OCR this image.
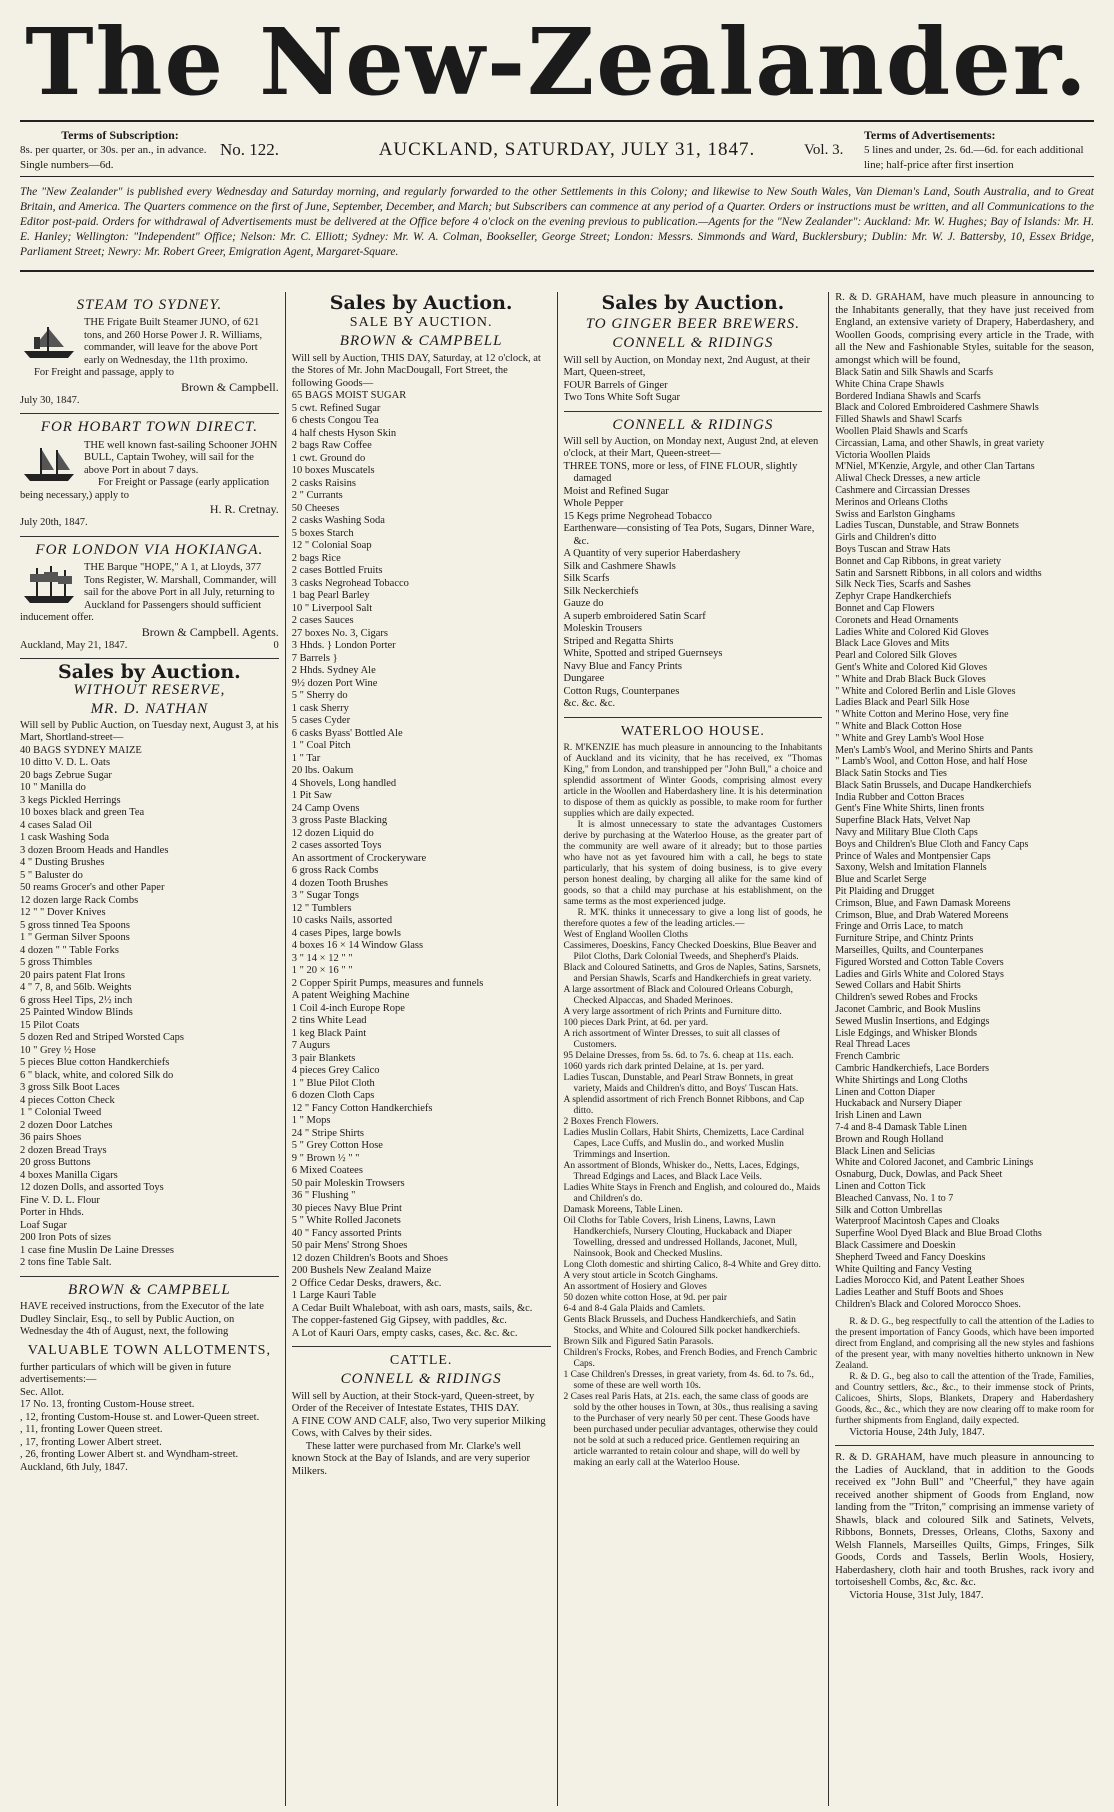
The New-Zealander.
Terms of Subscription:
8s. per quarter, or 30s. per an., in advance.
Single numbers—6d.
No. 122.	AUCKLAND, SATURDAY, JULY 31, 1847.	Vol. 3.
Terms of Advertisements:
5 lines and under, 2s. 6d.—6d. for each additional line; half-price after first insertion
The "New Zealander" is published every Wednesday and Saturday morning, and regularly forwarded to the other Settlements in this Colony; and likewise to New South Wales, Van Dieman's Land, South Australia, and to Great Britain, and America. The Quarters commence on the first of June, September, December, and March; but Subscribers can commence at any period of a Quarter. Orders or instructions must be written, and all Communications to the Editor post-paid. Orders for withdrawal of Advertisements must be delivered at the Office before 4 o'clock on the evening previous to publication.—Agents for the "New Zealander": Auckland: Mr. W. Hughes; Bay of Islands: Mr. H. E. Hanley; Wellington: "Independent" Office; Nelson: Mr. C. Elliott; Sydney: Mr. W. A. Colman, Bookseller, George Street; London: Messrs. Simmonds and Ward, Bucklersbury; Dublin: Mr. W. J. Battersby, 10, Essex Bridge, Parliament Street; Newry: Mr. Robert Greer, Emigration Agent, Margaret-Square.
STEAM TO SYDNEY.

THE Frigate Built Steamer JUNO, of 621 tons, and 260 Horse Power J. R. Williams, commander, will leave for the above Port early on Wednesday, the 11th proximo.

For Freight and passage, apply to

Brown & Campbell.

July 30, 1847.

FOR HOBART TOWN DIRECT.

THE well known fast-sailing Schooner JOHN BULL, Captain Twohey, will sail for the above Port in about 7 days.

For Freight or Passage (early application being necessary,) apply to

H. R. Cretnay.

July 20th, 1847.

FOR LONDON VIA HOKIANGA.

THE Barque "HOPE," A 1, at Lloyds, 377 Tons Register, W. Marshall, Commander, will sail for the above Port in all July, returning to Auckland for Passengers should sufficient inducement offer.

Brown & Campbell. Agents.

Auckland, May 21, 1847.	0

Sales by Auction.
WITHOUT RESERVE,
MR. D. NATHAN

Will sell by Public Auction, on Tuesday next, August 3, at his Mart, Shortland-street—

40 BAGS SYDNEY MAIZE
10 ditto V. D. L. Oats
20 bags Zebrue Sugar
10 " Manilla do
3 kegs Pickled Herrings
10 boxes black and green Tea
4 cases Salad Oil
1 cask Washing Soda
3 dozen Broom Heads and Handles
4 " Dusting Brushes
5 " Baluster do
50 reams Grocer's and other Paper
12 dozen large Rack Combs
12 " " Dover Knives
5 gross tinned Tea Spoons
1 " German Silver Spoons
4 dozen " " Table Forks
5 gross Thimbles
20 pairs patent Flat Irons
4 " 7, 8, and 56lb. Weights
6 gross Heel Tips, 2½ inch
25 Painted Window Blinds
15 Pilot Coats
5 dozen Red and Striped Worsted Caps
10 " Grey ½ Hose
5 pieces Blue cotton Handkerchiefs
6 " black, white, and colored Silk do
3 gross Silk Boot Laces
4 pieces Cotton Check
1 " Colonial Tweed
2 dozen Door Latches
36 pairs Shoes
2 dozen Bread Trays
20 gross Buttons
4 boxes Manilla Cigars
12 dozen Dolls, and assorted Toys
Fine V. D. L. Flour
Porter in Hhds.
Loaf Sugar
200 Iron Pots of sizes
1 case fine Muslin De Laine Dresses
2 tons fine Table Salt.
BROWN & CAMPBELL

HAVE received instructions, from the Executor of the late Dudley Sinclair, Esq., to sell by Public Auction, on Wednesday the 4th of August, next, the following

VALUABLE TOWN ALLOTMENTS,

further particulars of which will be given in future advertisements:—

Sec. Allot.
17 No. 13, fronting Custom-House street.
, 12, fronting Custom-House st. and Lower-Queen street.
, 11, fronting Lower Queen street.
, 17, fronting Lower Albert street.
, 26, fronting Lower Albert st. and Wyndham-street.

Auckland, 6th July, 1847.

Sales by Auction.
SALE BY AUCTION.
BROWN & CAMPBELL

Will sell by Auction, THIS DAY, Saturday, at 12 o'clock, at the Stores of Mr. John MacDougall, Fort Street, the following Goods—

65 BAGS MOIST SUGAR
5 cwt. Refined Sugar
6 chests Congou Tea
4 half chests Hyson Skin
2 bags Raw Coffee
1 cwt. Ground do
10 boxes Muscatels
2 casks Raisins
2 " Currants
50 Cheeses
2 casks Washing Soda
5 boxes Starch
12 " Colonial Soap
2 bags Rice
2 cases Bottled Fruits
3 casks Negrohead Tobacco
1 bag Pearl Barley
10 " Liverpool Salt
2 cases Sauces
27 boxes No. 3, Cigars
3 Hhds. } London Porter
7 Barrels }
2 Hhds. Sydney Ale
9½ dozen Port Wine
5 " Sherry do
1 cask Sherry
5 cases Cyder
6 casks Byass' Bottled Ale
1 " Coal Pitch
1 " Tar
20 lbs. Oakum
4 Shovels, Long handled
1 Pit Saw
24 Camp Ovens
3 gross Paste Blacking
12 dozen Liquid do
2 cases assorted Toys
An assortment of Crockeryware
6 gross Rack Combs
4 dozen Tooth Brushes
3 " Sugar Tongs
12 " Tumblers
10 casks Nails, assorted
4 cases Pipes, large bowls
4 boxes 16 × 14 Window Glass
3 " 14 × 12 " "
1 " 20 × 16 " "
2 Copper Spirit Pumps, measures and funnels
A patent Weighing Machine
1 Coil 4-inch Europe Rope
2 tins White Lead
1 keg Black Paint
7 Augurs
3 pair Blankets
4 pieces Grey Calico
1 " Blue Pilot Cloth
6 dozen Cloth Caps
12 " Fancy Cotton Handkerchiefs
1 " Mops
24 " Stripe Shirts
5 " Grey Cotton Hose
9 " Brown ½ " "
6 Mixed Coatees
50 pair Moleskin Trowsers
36 " Flushing "
30 pieces Navy Blue Print
5 " White Rolled Jaconets
40 " Fancy assorted Prints
50 pair Mens' Strong Shoes
12 dozen Children's Boots and Shoes
200 Bushels New Zealand Maize
2 Office Cedar Desks, drawers, &c.
1 Large Kauri Table
A Cedar Built Whaleboat, with ash oars, masts, sails, &c.
The copper-fastened Gig Gipsey, with paddles, &c.
A Lot of Kauri Oars, empty casks, cases, &c. &c. &c.
CATTLE.
CONNELL & RIDINGS

Will sell by Auction, at their Stock-yard, Queen-street, by Order of the Receiver of Intestate Estates, THIS DAY.

A FINE COW AND CALF, also, Two very superior Milking Cows, with Calves by their sides.

These latter were purchased from Mr. Clarke's well known Stock at the Bay of Islands, and are very superior Milkers.

Sales by Auction.
TO GINGER BEER BREWERS.
CONNELL & RIDINGS

Will sell by Auction, on Monday next, 2nd August, at their Mart, Queen-street,

FOUR Barrels of Ginger
Two Tons White Soft Sugar
CONNELL & RIDINGS

Will sell by Auction, on Monday next, August 2nd, at eleven o'clock, at their Mart, Queen-street—

THREE TONS, more or less, of FINE FLOUR, slightly damaged
Moist and Refined Sugar
Whole Pepper
15 Kegs prime Negrohead Tobacco
Earthenware—consisting of Tea Pots, Sugars, Dinner Ware, &c.
A Quantity of very superior Haberdashery
Silk and Cashmere Shawls
Silk Scarfs
Silk Neckerchiefs
Gauze do
A superb embroidered Satin Scarf
Moleskin Trousers
Striped and Regatta Shirts
White, Spotted and striped Guernseys
Navy Blue and Fancy Prints
Dungaree
Cotton Rugs, Counterpanes
&c. &c. &c.
WATERLOO HOUSE.

R. M'KENZIE has much pleasure in announcing to the Inhabitants of Auckland and its vicinity, that he has received, ex "Thomas King," from London, and transhipped per "John Bull," a choice and splendid assortment of Winter Goods, comprising almost every article in the Woollen and Haberdashery line. It is his determination to dispose of them as quickly as possible, to make room for further supplies which are daily expected.

It is almost unnecessary to state the advantages Customers derive by purchasing at the Waterloo House, as the greater part of the community are well aware of it already; but to those parties who have not as yet favoured him with a call, he begs to state particularly, that his system of doing business, is to give every person honest dealing, by charging all alike for the same kind of goods, so that a child may purchase at his establishment, on the same terms as the most experienced judge.

R. M'K. thinks it unnecessary to give a long list of goods, he therefore quotes a few of the leading articles.—

West of England Woollen Cloths
Cassimeres, Doeskins, Fancy Checked Doeskins, Blue Beaver and Pilot Cloths, Dark Colonial Tweeds, and Shepherd's Plaids.
Black and Coloured Satinetts, and Gros de Naples, Satins, Sarsnets, and Persian Shawls, Scarfs and Handkerchiefs in great variety.
A large assortment of Black and Coloured Orleans Coburgh, Checked Alpaccas, and Shaded Merinoes.
A very large assortment of rich Prints and Furniture ditto.
100 pieces Dark Print, at 6d. per yard.
A rich assortment of Winter Dresses, to suit all classes of Customers.
95 Delaine Dresses, from 5s. 6d. to 7s. 6. cheap at 11s. each.
1060 yards rich dark printed Delaine, at 1s. per yard.
Ladies Tuscan, Dunstable, and Pearl Straw Bonnets, in great variety, Maids and Children's ditto, and Boys' Tuscan Hats.
A splendid assortment of rich French Bonnet Ribbons, and Cap ditto.
2 Boxes French Flowers.
Ladies Muslin Collars, Habit Shirts, Chemizetts, Lace Cardinal Capes, Lace Cuffs, and Muslin do., and worked Muslin Trimmings and Insertion.
An assortment of Blonds, Whisker do., Netts, Laces, Edgings, Thread Edgings and Laces, and Black Lace Veils.
Ladies White Stays in French and English, and coloured do., Maids and Children's do.
Damask Moreens, Table Linen.
Oil Cloths for Table Covers, Irish Linens, Lawns, Lawn Handkerchiefs, Nursery Clouting, Huckaback and Diaper Towelling, dressed and undressed Hollands, Jaconet, Mull, Nainsook, Book and Checked Muslins.
Long Cloth domestic and shirting Calico, 8-4 White and Grey ditto.
A very stout article in Scotch Ginghams.
An assortment of Hosiery and Gloves
50 dozen white cotton Hose, at 9d. per pair
6-4 and 8-4 Gala Plaids and Camlets.
Gents Black Brussels, and Duchess Handkerchiefs, and Satin Stocks, and White and Coloured Silk pocket handkerchiefs.
Brown Silk and Figured Satin Parasols.
Children's Frocks, Robes, and French Bodies, and French Cambric Caps.
1 Case Children's Dresses, in great variety, from 4s. 6d. to 7s. 6d., some of these are well worth 10s.
2 Cases real Paris Hats, at 21s. each, the same class of goods are sold by the other houses in Town, at 30s., thus realising a saving to the Purchaser of very nearly 50 per cent. These Goods have been purchased under peculiar advantages, otherwise they could not be sold at such a reduced price. Gentlemen requiring an article warranted to retain colour and shape, will do well by making an early call at the Waterloo House.

R. & D. GRAHAM, have much pleasure in announcing to the Inhabitants generally, that they have just received from England, an extensive variety of Drapery, Haberdashery, and Woollen Goods, comprising every article in the Trade, with all the New and Fashionable Styles, suitable for the season, amongst which will be found,

Black Satin and Silk Shawls and Scarfs
White China Crape Shawls
Bordered Indiana Shawls and Scarfs
Black and Colored Embroidered Cashmere Shawls
Filled Shawls and Shawl Scarfs
Woollen Plaid Shawls and Scarfs
Circassian, Lama, and other Shawls, in great variety
Victoria Woollen Plaids
M'Niel, M'Kenzie, Argyle, and other Clan Tartans
Aliwal Check Dresses, a new article
Cashmere and Circassian Dresses
Merinos and Orleans Cloths
Swiss and Earlston Ginghams
Ladies Tuscan, Dunstable, and Straw Bonnets
Girls and Children's ditto
Boys Tuscan and Straw Hats
Bonnet and Cap Ribbons, in great variety
Satin and Sarsnett Ribbons, in all colors and widths
Silk Neck Ties, Scarfs and Sashes
Zephyr Crape Handkerchiefs
Bonnet and Cap Flowers
Coronets and Head Ornaments
Ladies White and Colored Kid Gloves
Black Lace Gloves and Mits
Pearl and Colored Silk Gloves
Gent's White and Colored Kid Gloves
" White and Drab Black Buck Gloves
" White and Colored Berlin and Lisle Gloves
Ladies Black and Pearl Silk Hose
" White Cotton and Merino Hose, very fine
" White and Black Cotton Hose
" White and Grey Lamb's Wool Hose
Men's Lamb's Wool, and Merino Shirts and Pants
" Lamb's Wool, and Cotton Hose, and half Hose
Black Satin Stocks and Ties
Black Satin Brussels, and Ducape Handkerchiefs
India Rubber and Cotton Braces
Gent's Fine White Shirts, linen fronts
Superfine Black Hats, Velvet Nap
Navy and Military Blue Cloth Caps
Boys and Children's Blue Cloth and Fancy Caps
Prince of Wales and Montpensier Caps
Saxony, Welsh and Imitation Flannels
Blue and Scarlet Serge
Pit Plaiding and Drugget
Crimson, Blue, and Fawn Damask Moreens
Crimson, Blue, and Drab Watered Moreens
Fringe and Orris Lace, to match
Furniture Stripe, and Chintz Prints
Marseilles, Quilts, and Counterpanes
Figured Worsted and Cotton Table Covers
Ladies and Girls White and Colored Stays
Sewed Collars and Habit Shirts
Children's sewed Robes and Frocks
Jaconet Cambric, and Book Muslins
Sewed Muslin Insertions, and Edgings
Lisle Edgings, and Whisker Blonds
Real Thread Laces
French Cambric
Cambric Handkerchiefs, Lace Borders
White Shirtings and Long Cloths
Linen and Cotton Diaper
Huckaback and Nursery Diaper
Irish Linen and Lawn
7-4 and 8-4 Damask Table Linen
Brown and Rough Holland
Black Linen and Selicias
White and Colored Jaconet, and Cambric Linings
Osnaburg, Duck, Dowlas, and Pack Sheet
Linen and Cotton Tick
Bleached Canvass, No. 1 to 7
Silk and Cotton Umbrellas
Waterproof Macintosh Capes and Cloaks
Superfine Wool Dyed Black and Blue Broad Cloths
Black Cassimere and Doeskin
Shepherd Tweed and Fancy Doeskins
White Quilting and Fancy Vesting
Ladies Morocco Kid, and Patent Leather Shoes
Ladies Leather and Stuff Boots and Shoes
Children's Black and Colored Morocco Shoes.

R. & D. G., beg respectfully to call the attention of the Ladies to the present importation of Fancy Goods, which have been imported direct from England, and comprising all the new styles and fashions of the present year, with many novelties hitherto unknown in New Zealand.

R. & D. G., beg also to call the attention of the Trade, Families, and Country settlers, &c., &c., to their immense stock of Prints, Calicoes, Shirts, Slops, Blankets, Drapery and Haberdashery Goods, &c., &c., which they are now clearing off to make room for further shipments from England, daily expected.

Victoria House, 24th July, 1847.

R. & D. GRAHAM, have much pleasure in announcing to the Ladies of Auckland, that in addition to the Goods received ex "John Bull" and "Cheerful," they have again received another shipment of Goods from England, now landing from the "Triton," comprising an immense variety of Shawls, black and coloured Silk and Satinets, Velvets, Ribbons, Bonnets, Dresses, Orleans, Cloths, Saxony and Welsh Flannels, Marseilles Quilts, Gimps, Fringes, Silk Goods, Cords and Tassels, Berlin Wools, Hosiery, Haberdashery, cloth hair and tooth Brushes, rack ivory and tortoiseshell Combs, &c, &c. &c.

Victoria House, 31st July, 1847.
